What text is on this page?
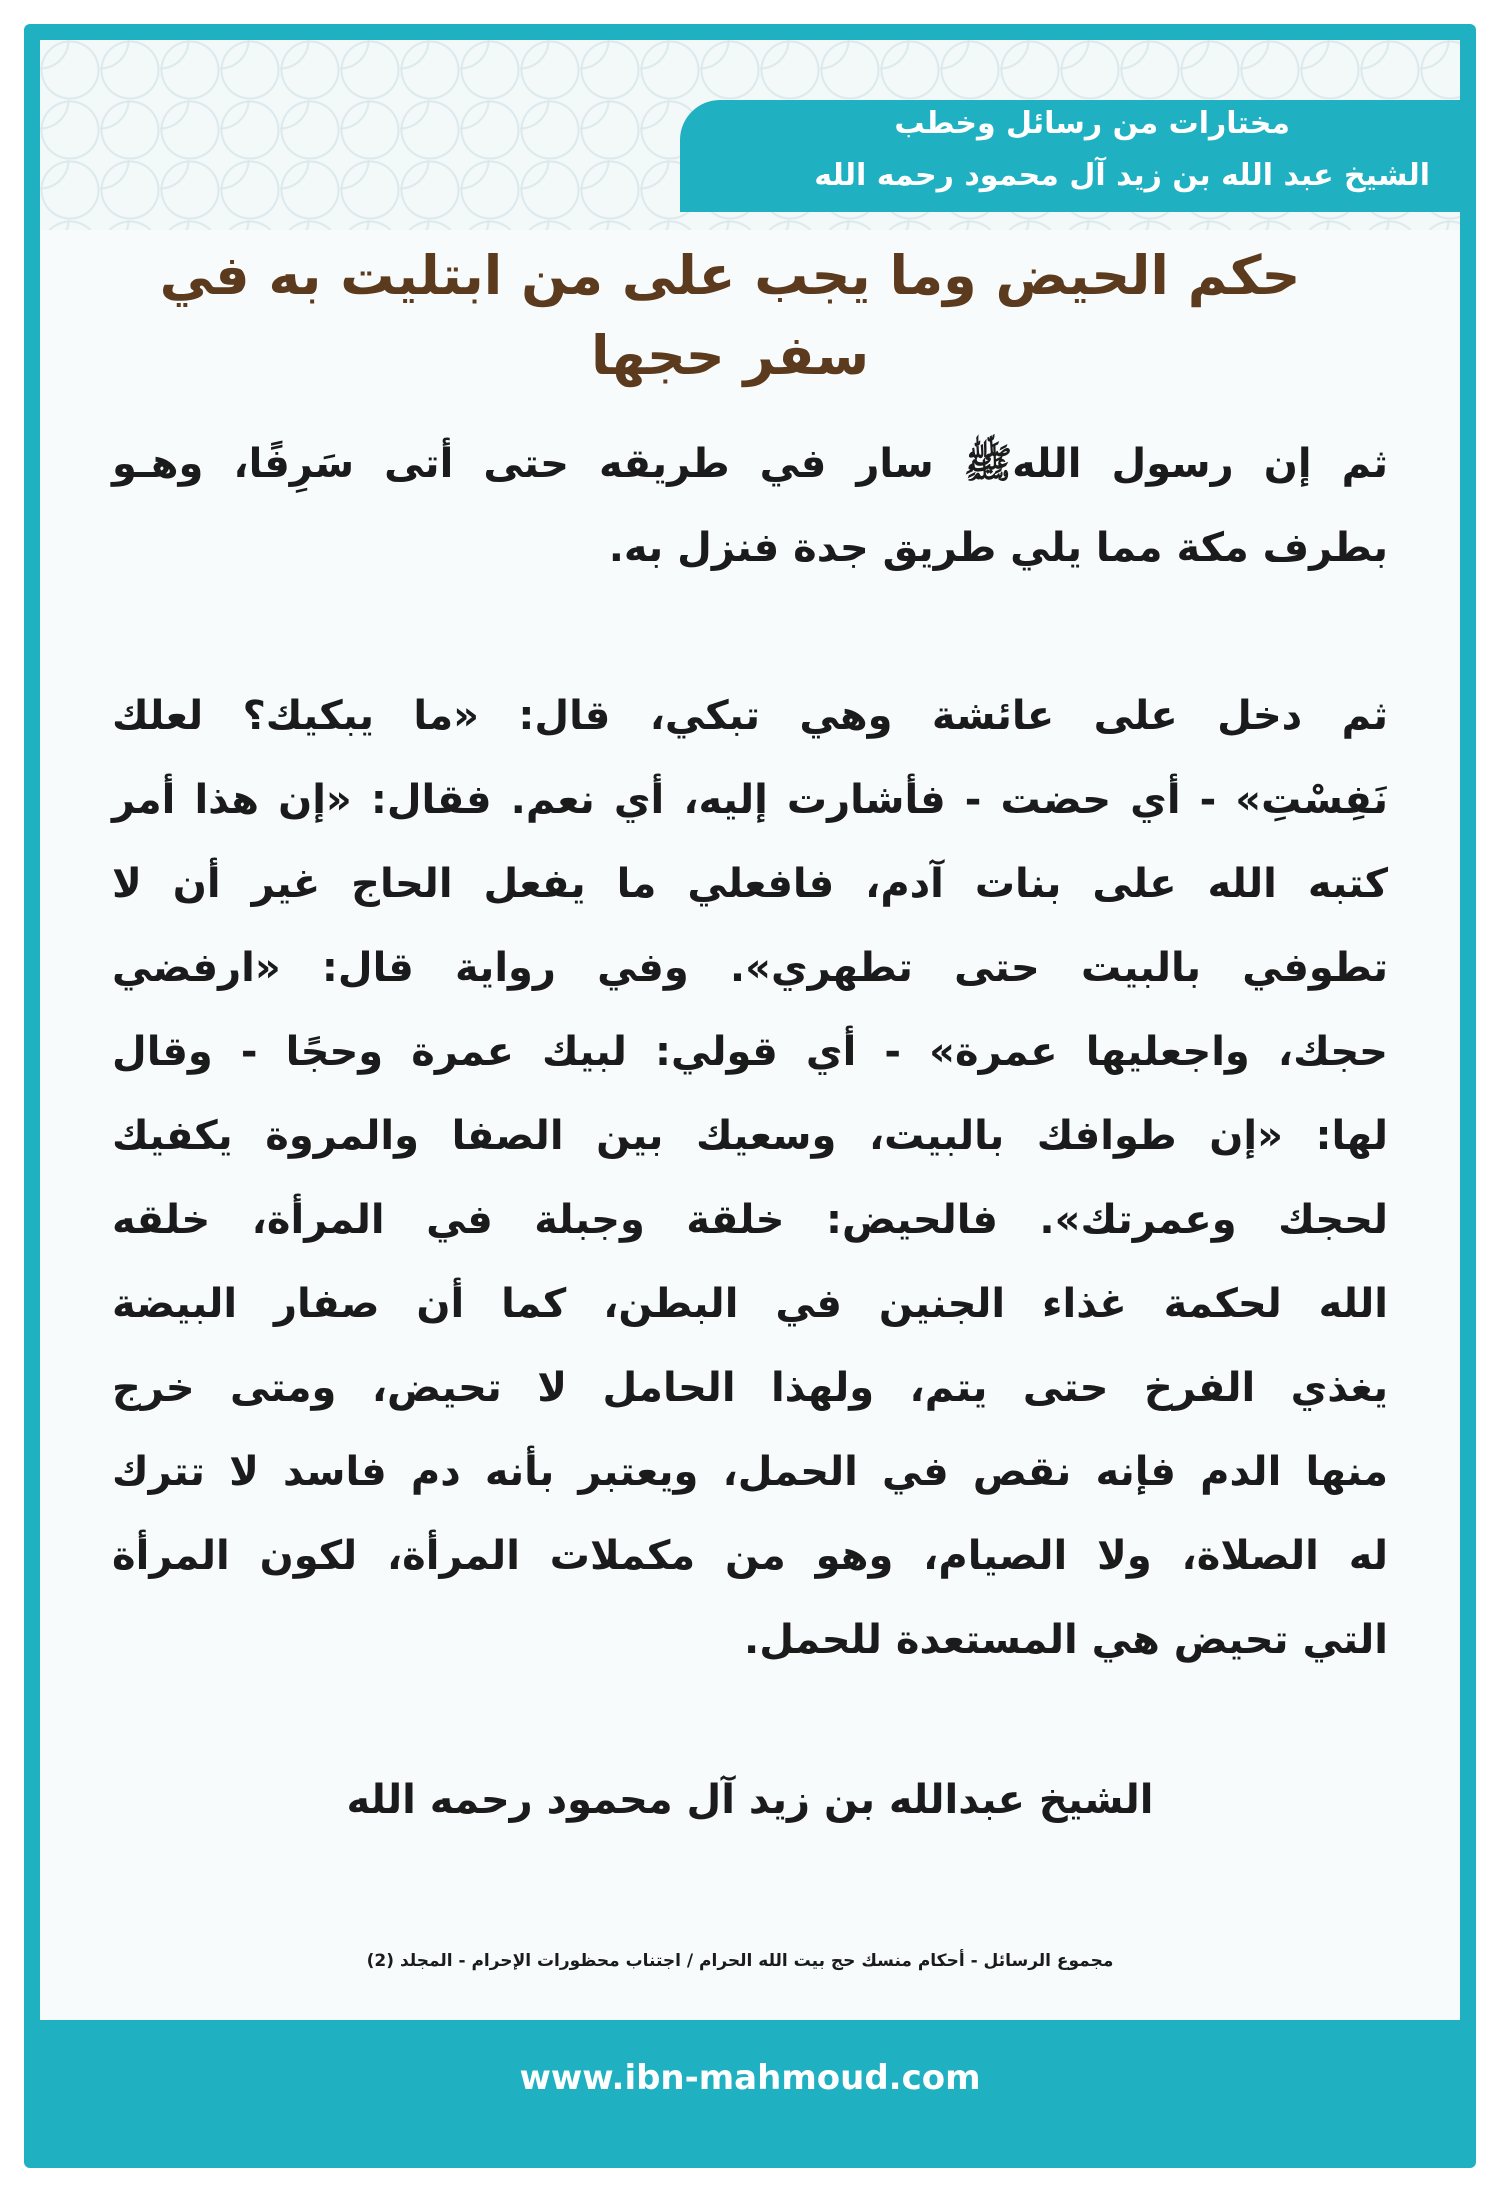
مختارات من رسائل وخطب
الشيخ عبد الله بن زيد آل محمود رحمه الله
حكم الحيض وما يجب على من ابتليت به في
سفر حجها
ثم إن رسول اللهﷺ سار في طريقه حتى أتى سَرِفًا، وهـو
بطرف مكة مما يلي طريق جدة فنزل به.
ثم دخل على عائشة وهي تبكي، قال: «ما يبكيك؟ لعلك
نَفِسْتِ» - أي حضت - فأشارت إليه، أي نعم. فقال: «إن هذا أمر
كتبه الله على بنات آدم، فافعلي ما يفعل الحاج غير أن لا
تطوفي بالبيت حتى تطهري». وفي رواية قال: «ارفضي
حجك، واجعليها عمرة» - أي قولي: لبيك عمرة وحجًا - وقال
لها: «إن طوافك بالبيت، وسعيك بين الصفا والمروة يكفيك
لحجك وعمرتك». فالحيض: خلقة وجبلة في المرأة، خلقه
الله لحكمة غذاء الجنين في البطن، كما أن صفار البيضة
يغذي الفرخ حتى يتم، ولهذا الحامل لا تحيض، ومتى خرج
منها الدم فإنه نقص في الحمل، ويعتبر بأنه دم فاسد لا تترك
له الصلاة، ولا الصيام، وهو من مكملات المرأة، لكون المرأة
التي تحيض هي المستعدة للحمل.
الشيخ عبدالله بن زيد آل محمود رحمه الله
مجموع الرسائل - أحكام منسك حج بيت الله الحرام / اجتناب محظورات الإحرام - المجلد (2)
www.ibn-mahmoud.com
